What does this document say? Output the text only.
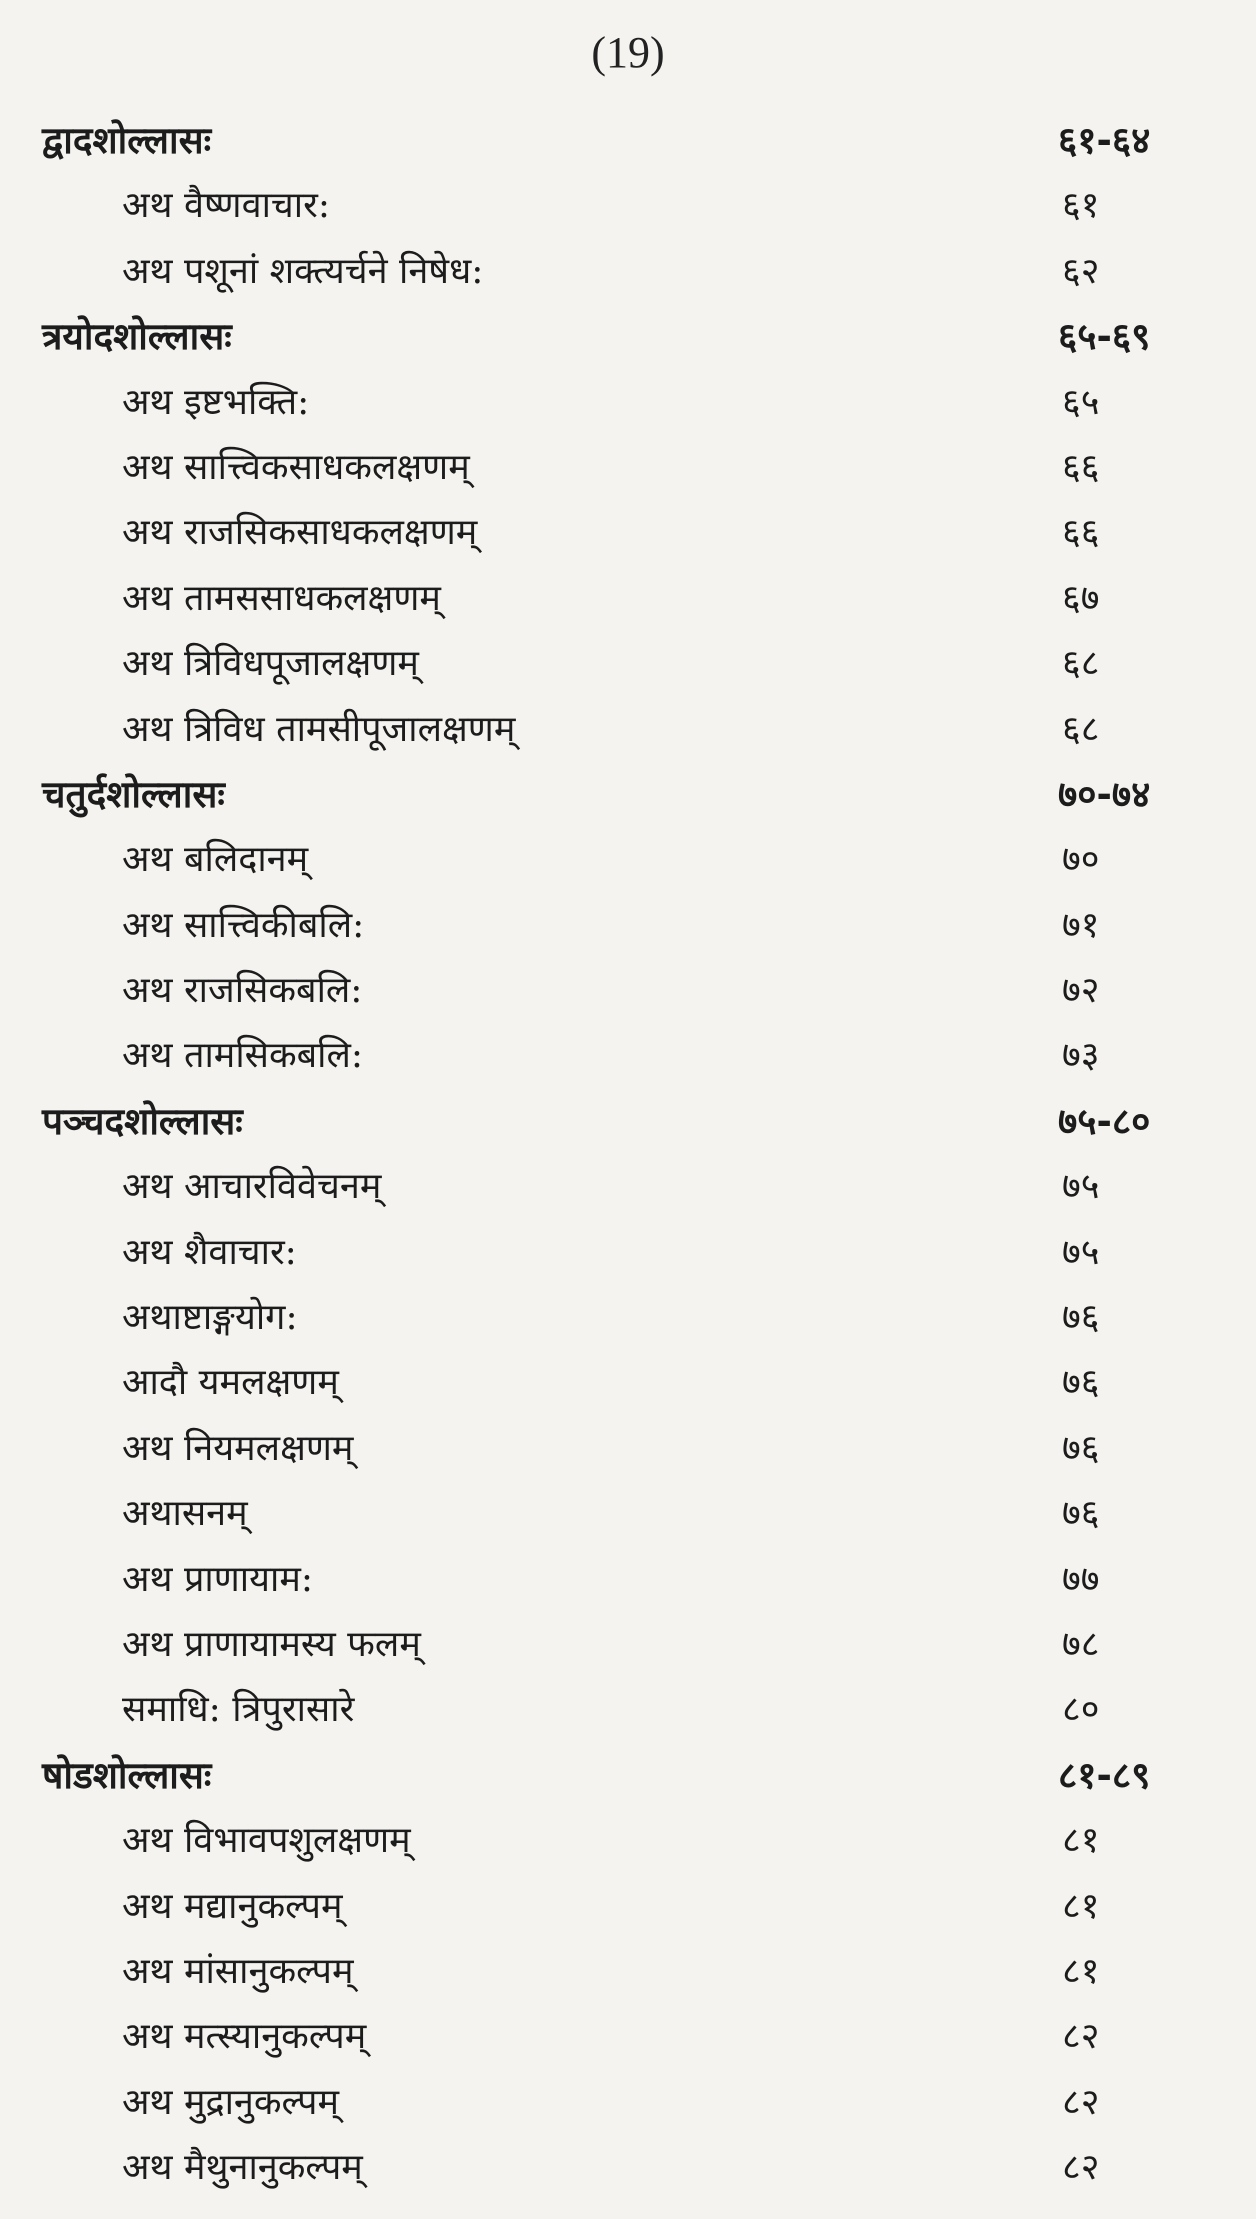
(19)
द्वादशोल्लासः	६१-६४
अथ वैष्णवाचार:	६१
अथ पशूनां शक्त्यर्चने निषेध:	६२
त्रयोदशोल्लासः	६५-६९
अथ इष्टभक्ति:	६५
अथ सात्त्विकसाधकलक्षणम्	६६
अथ राजसिकसाधकलक्षणम्	६६
अथ तामससाधकलक्षणम्	६७
अथ त्रिविधपूजालक्षणम्	६८
अथ त्रिविध तामसीपूजालक्षणम्	६८
चतुर्दशोल्लासः	७०-७४
अथ बलिदानम्	७०
अथ सात्त्विकीबलि:	७१
अथ राजसिकबलि:	७२
अथ तामसिकबलि:	७३
पञ्चदशोल्लासः	७५-८०
अथ आचारविवेचनम्	७५
अथ शैवाचार:	७५
अथाष्टाङ्गयोग:	७६
आदौ यमलक्षणम्	७६
अथ नियमलक्षणम्	७६
अथासनम्	७६
अथ प्राणायाम:	७७
अथ प्राणायामस्य फलम्	७८
समाधि: त्रिपुरासारे	८०
षोडशोल्लासः	८१-८९
अथ विभावपशुलक्षणम्	८१
अथ मद्यानुकल्पम्	८१
अथ मांसानुकल्पम्	८१
अथ मत्स्यानुकल्पम्	८२
अथ मुद्रानुकल्पम्	८२
अथ मैथुनानुकल्पम्	८२
